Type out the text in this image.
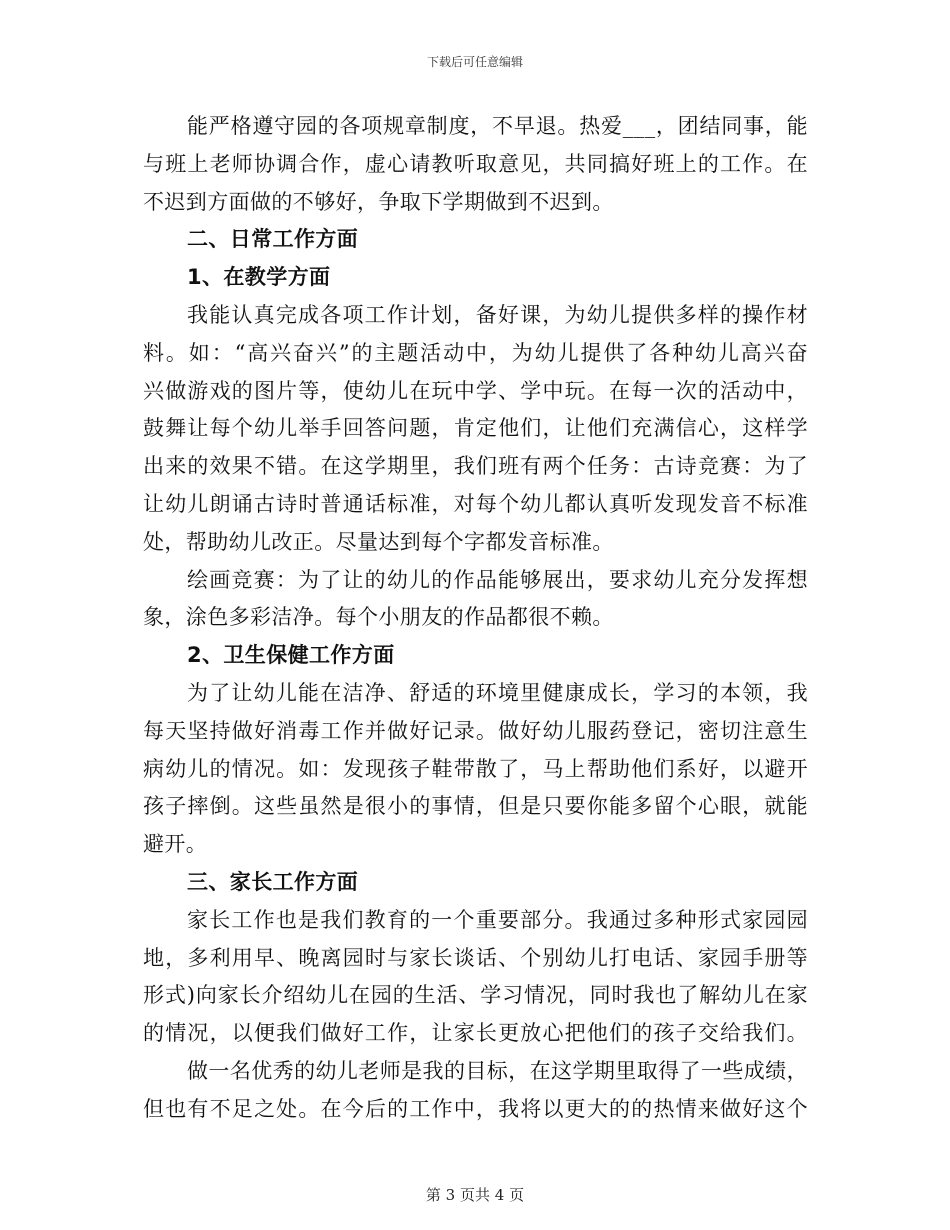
下载后可任意编辑
能严格遵守园的各项规章制度，不早退。热爱___，团结同事，能
与班上老师协调合作，虚心请教听取意见，共同搞好班上的工作。在
不迟到方面做的不够好，争取下学期做到不迟到。
二、日常工作方面
1、在教学方面
我能认真完成各项工作计划，备好课，为幼儿提供多样的操作材
料。如：“高兴奋兴”的主题活动中，为幼儿提供了各种幼儿高兴奋
兴做游戏的图片等，使幼儿在玩中学、学中玩。在每一次的活动中，
鼓舞让每个幼儿举手回答问题，肯定他们，让他们充满信心，这样学
出来的效果不错。在这学期里，我们班有两个任务：古诗竞赛：为了
让幼儿朗诵古诗时普通话标准，对每个幼儿都认真听发现发音不标准
处，帮助幼儿改正。尽量达到每个字都发音标准。
绘画竞赛：为了让的幼儿的作品能够展出，要求幼儿充分发挥想
象，涂色多彩洁净。每个小朋友的作品都很不赖。
2、卫生保健工作方面
为了让幼儿能在洁净、舒适的环境里健康成长，学习的本领，我
每天坚持做好消毒工作并做好记录。做好幼儿服药登记，密切注意生
病幼儿的情况。如：发现孩子鞋带散了，马上帮助他们系好，以避开
孩子摔倒。这些虽然是很小的事情，但是只要你能多留个心眼，就能
避开。
三、家长工作方面
家长工作也是我们教育的一个重要部分。我通过多种形式家园园
地，多利用早、晚离园时与家长谈话、个别幼儿打电话、家园手册等
形式)向家长介绍幼儿在园的生活、学习情况，同时我也了解幼儿在家
的情况，以便我们做好工作，让家长更放心把他们的孩子交给我们。
做一名优秀的幼儿老师是我的目标，在这学期里取得了一些成绩，
但也有不足之处。在今后的工作中，我将以更大的的热情来做好这个
第 3 页共 4 页
